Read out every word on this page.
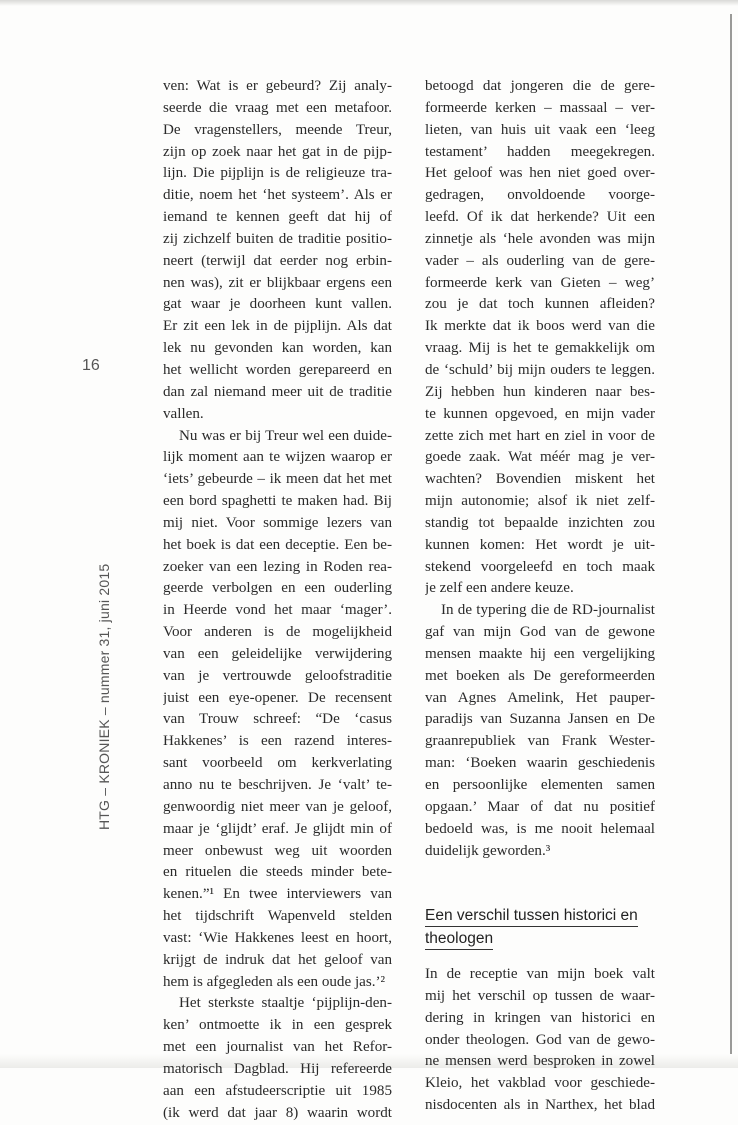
16
HTG – KRONIEK – nummer 31, juni 2015
ven: Wat is er gebeurd? Zij analy-
seerde die vraag met een metafoor.
De vragenstellers, meende Treur,
zijn op zoek naar het gat in de pijp-
lijn. Die pijplijn is de religieuze tra-
ditie, noem het ‘het systeem’. Als er
iemand te kennen geeft dat hij of
zij zichzelf buiten de traditie positio-
neert (terwijl dat eerder nog erbin-
nen was), zit er blijkbaar ergens een
gat waar je doorheen kunt vallen.
Er zit een lek in de pijplijn. Als dat
lek nu gevonden kan worden, kan
het wellicht worden gerepareerd en
dan zal niemand meer uit de traditie
vallen.
Nu was er bij Treur wel een duide-
lijk moment aan te wijzen waarop er
‘iets’ gebeurde – ik meen dat het met
een bord spaghetti te maken had. Bij
mij niet. Voor sommige lezers van
het boek is dat een deceptie. Een be-
zoeker van een lezing in Roden rea-
geerde verbolgen en een ouderling
in Heerde vond het maar ‘mager’.
Voor anderen is de mogelijkheid
van een geleidelijke verwijdering
van je vertrouwde geloofstraditie
juist een eye-opener. De recensent
van Trouw schreef: “De ‘casus
Hakkenes’ is een razend interes-
sant voorbeeld om kerkverlating
anno nu te beschrijven. Je ‘valt’ te-
genwoordig niet meer van je geloof,
maar je ‘glijdt’ eraf. Je glijdt min of
meer onbewust weg uit woorden
en rituelen die steeds minder bete-
kenen.”¹ En twee interviewers van
het tijdschrift Wapenveld stelden
vast: ‘Wie Hakkenes leest en hoort,
krijgt de indruk dat het geloof van
hem is afgegleden als een oude jas.’²
Het sterkste staaltje ‘pijplijn-den-
ken’ ontmoette ik in een gesprek
met een journalist van het Refor-
matorisch Dagblad. Hij refereerde
aan een afstudeerscriptie uit 1985
(ik werd dat jaar 8) waarin wordt
betoogd dat jongeren die de gere-
formeerde kerken – massaal – ver-
lieten, van huis uit vaak een ‘leeg
testament’ hadden meegekregen.
Het geloof was hen niet goed over-
gedragen, onvoldoende voorge-
leefd. Of ik dat herkende? Uit een
zinnetje als ‘hele avonden was mijn
vader – als ouderling van de gere-
formeerde kerk van Gieten – weg’
zou je dat toch kunnen afleiden?
Ik merkte dat ik boos werd van die
vraag. Mij is het te gemakkelijk om
de ‘schuld’ bij mijn ouders te leggen.
Zij hebben hun kinderen naar bes-
te kunnen opgevoed, en mijn vader
zette zich met hart en ziel in voor de
goede zaak. Wat méér mag je ver-
wachten? Bovendien miskent het
mijn autonomie; alsof ik niet zelf-
standig tot bepaalde inzichten zou
kunnen komen: Het wordt je uit-
stekend voorgeleefd en toch maak
je zelf een andere keuze.
In de typering die de RD-journalist
gaf van mijn God van de gewone
mensen maakte hij een vergelijking
met boeken als De gereformeerden
van Agnes Amelink, Het pauper-
paradijs van Suzanna Jansen en De
graanrepubliek van Frank Wester-
man: ‘Boeken waarin geschiedenis
en persoonlijke elementen samen
opgaan.’ Maar of dat nu positief
bedoeld was, is me nooit helemaal
duidelijk geworden.³
Een verschil tussen historici en
theologen
In de receptie van mijn boek valt
mij het verschil op tussen de waar-
dering in kringen van historici en
onder theologen. God van de gewo-
ne mensen werd besproken in zowel
Kleio, het vakblad voor geschiede-
nisdocenten als in Narthex, het blad
